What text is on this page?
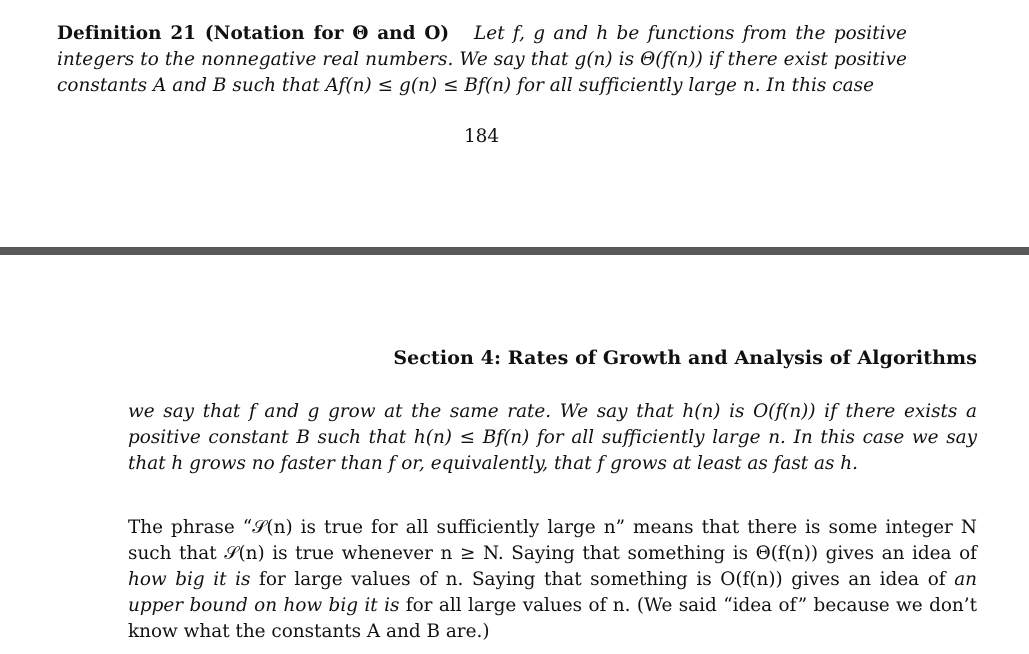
Definition 21 (Notation for Θ and O) Let f, g and h be functions from the positive integers to the nonnegative real numbers. We say that g(n) is Θ(f(n)) if there exist positive constants A and B such that Af(n) ≤ g(n) ≤ Bf(n) for all sufficiently large n. In this case
184
Section 4: Rates of Growth and Analysis of Algorithms
we say that f and g grow at the same rate. We say that h(n) is O(f(n)) if there exists a positive constant B such that h(n) ≤ Bf(n) for all sufficiently large n. In this case we say that h grows no faster than f or, equivalently, that f grows at least as fast as h.
The phrase “𝒮(n) is true for all sufficiently large n” means that there is some integer N such that 𝒮(n) is true whenever n ≥ N. Saying that something is Θ(f(n)) gives an idea of how big it is for large values of n. Saying that something is O(f(n)) gives an idea of an upper bound on how big it is for all large values of n. (We said “idea of” because we don’t know what the constants A and B are.)
